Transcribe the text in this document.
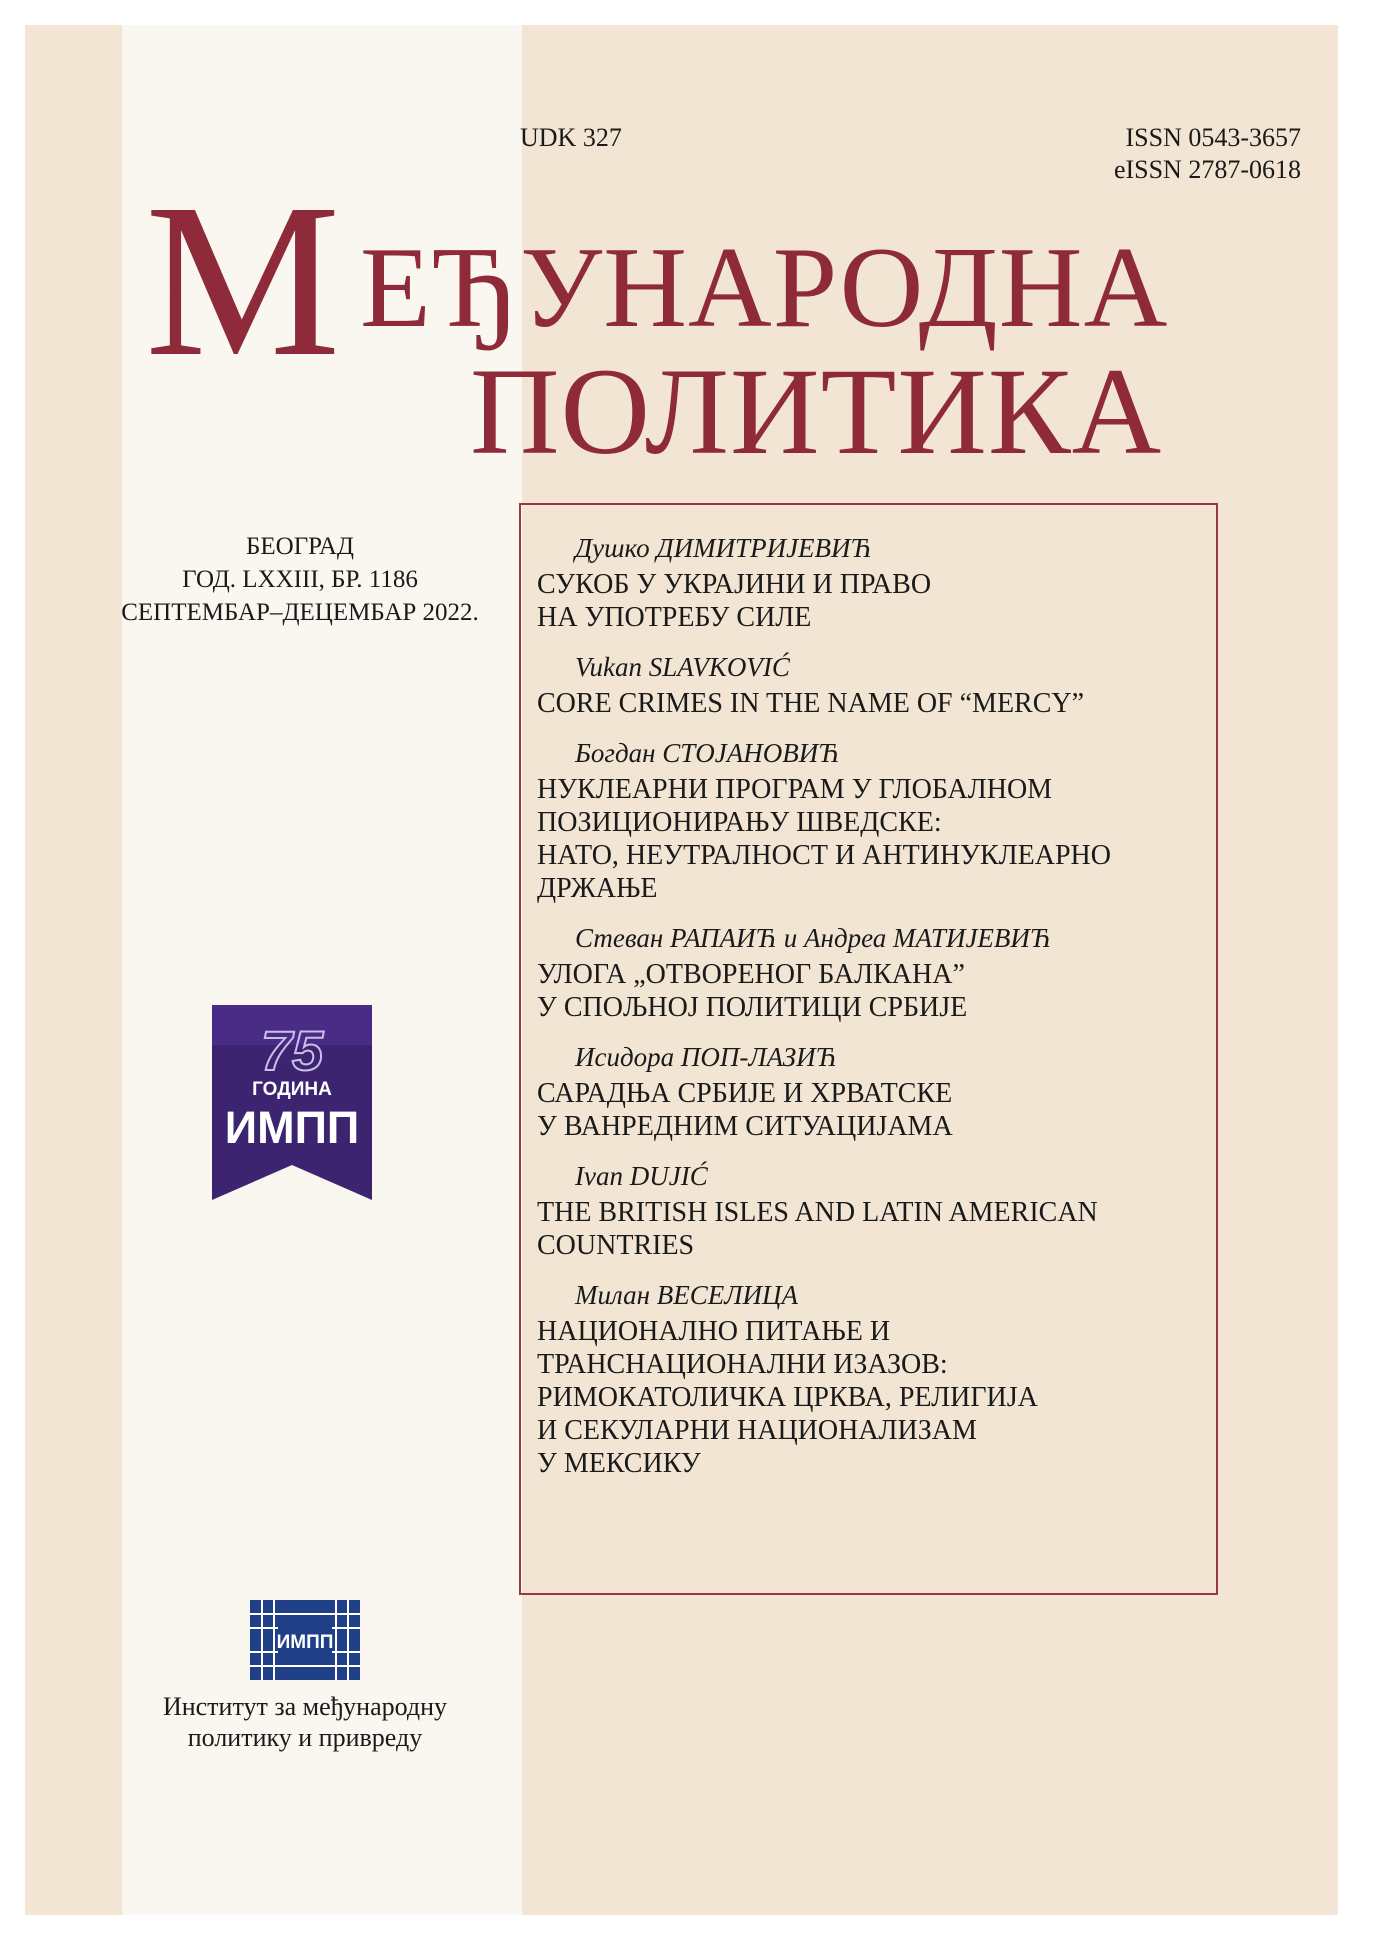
UDK 327	ISSN 0543-3657
eISSN 2787-0618
М ЕЂУНАРОДНА
ПОЛИТИКА
БЕОГРАД
ГОД. LXXIII, БР. 1186
СЕПТЕМБАР–ДЕЦЕМБАР 2022.
75
ГОДИНА
ИМПП
ИМПП
Институт за међународну
политику и привреду
Душко ДИМИТРИЈЕВИЋ
СУКОБ У УКРАЈИНИ И ПРАВО
НА УПОТРЕБУ СИЛЕ
Vukan SLAVKOVIĆ
CORE CRIMES IN THE NAME OF “MERCY”
Богдан СТОЈАНОВИЋ
НУКЛЕАРНИ ПРОГРАМ У ГЛОБАЛНОМ
ПОЗИЦИОНИРАЊУ ШВЕДСКЕ:
НАТО, НЕУТРАЛНОСТ И АНТИНУКЛЕАРНО
ДРЖАЊЕ
Стеван РАПАИЋ и Андреа МАТИЈЕВИЋ
УЛОГА „ОТВОРЕНОГ БАЛКАНА”
У СПОЉНОЈ ПОЛИТИЦИ СРБИЈЕ
Исидора ПОП-ЛАЗИЋ
САРАДЊА СРБИЈЕ И ХРВАТСКЕ
У ВАНРЕДНИМ СИТУАЦИЈАМА
Ivan DUJIĆ
THE BRITISH ISLES AND LATIN AMERICAN
COUNTRIES
Милан ВЕСЕЛИЦА
НАЦИОНАЛНО ПИТАЊЕ И
ТРАНСНАЦИОНАЛНИ ИЗАЗОВ:
РИМОКАТОЛИЧКА ЦРКВА, РЕЛИГИЈА
И СЕКУЛАРНИ НАЦИОНАЛИЗАМ
У МЕКСИКУ
